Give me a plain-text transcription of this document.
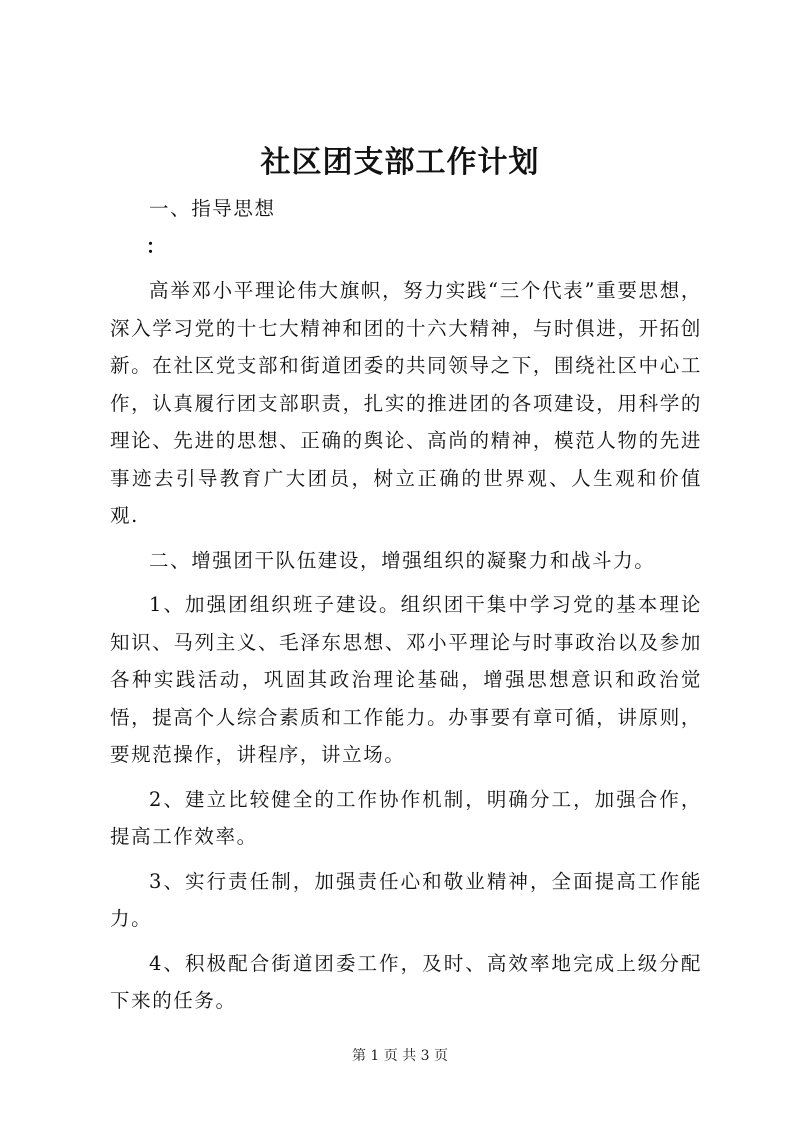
社区团支部工作计划

一、指导思想

：

高举邓小平理论伟大旗帜，努力实践“三个代表”重要思想，深入学习党的十七大精神和团的十六大精神，与时俱进，开拓创新。在社区党支部和街道团委的共同领导之下，围绕社区中心工作，认真履行团支部职责，扎实的推进团的各项建设，用科学的理论、先进的思想、正确的舆论、高尚的精神，模范人物的先进事迹去引导教育广大团员，树立正确的世界观、人生观和价值观.

二、增强团干队伍建设，增强组织的凝聚力和战斗力。

1、加强团组织班子建设。组织团干集中学习党的基本理论知识、马列主义、毛泽东思想、邓小平理论与时事政治以及参加各种实践活动，巩固其政治理论基础，增强思想意识和政治觉悟，提高个人综合素质和工作能力。办事要有章可循，讲原则，要规范操作，讲程序，讲立场。

2、建立比较健全的工作协作机制，明确分工，加强合作，提高工作效率。

3、实行责任制，加强责任心和敬业精神，全面提高工作能力。

4、积极配合街道团委工作，及时、高效率地完成上级分配下来的任务。

第 1 页 共 3 页
